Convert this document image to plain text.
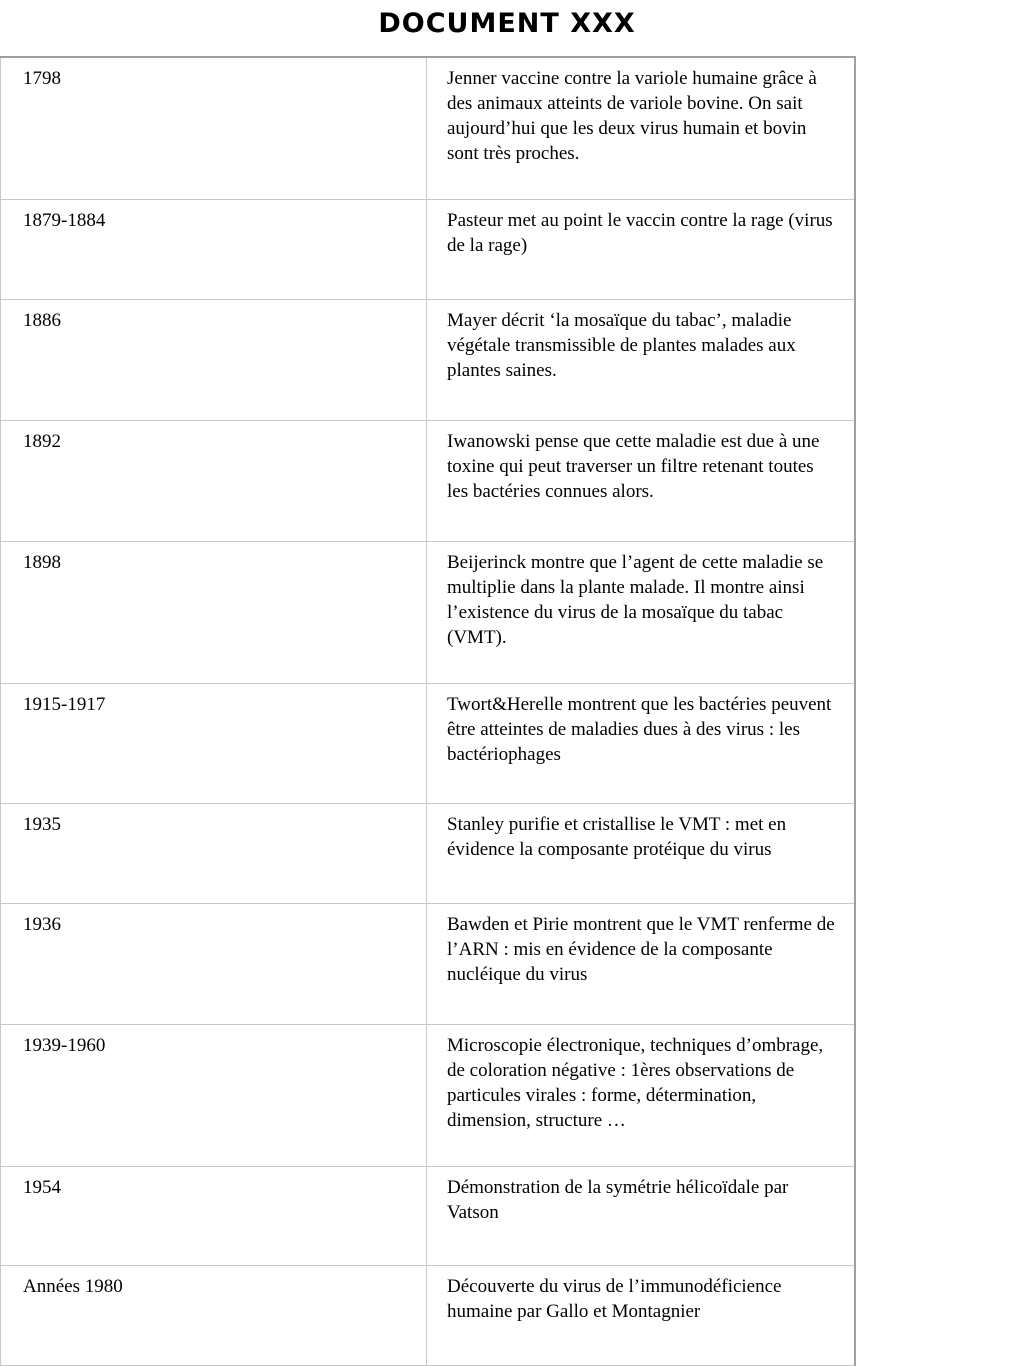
DOCUMENT XXX
1798	Jenner vaccine contre la variole humaine grâce à des animaux atteints de variole bovine. On sait aujourd’hui que les deux virus humain et bovin sont très proches.
1879-1884	Pasteur met au point le vaccin contre la rage (virus de la rage)
1886	Mayer décrit ‘la mosaïque du tabac’, maladie végétale transmissible de plantes malades aux plantes saines.
1892	Iwanowski pense que cette maladie est due à une toxine qui peut traverser un filtre retenant toutes les bactéries connues alors.
1898	Beijerinck montre que l’agent de cette maladie se multiplie dans la plante malade. Il montre ainsi l’existence du virus de la mosaïque du tabac (VMT).
1915-1917	Twort&Herelle montrent que les bactéries peuvent être atteintes de maladies dues à des virus : les bactériophages
1935	Stanley purifie et cristallise le VMT : met en évidence la composante protéique du virus
1936	Bawden et Pirie montrent que le VMT renferme de l’ARN : mis en évidence de la composante nucléique du virus
1939-1960	Microscopie électronique, techniques d’ombrage, de coloration négative : 1ères observations de particules virales : forme, détermination, dimension, structure …
1954	Démonstration de la symétrie hélicoïdale par Vatson
Années 1980	Découverte du virus de l’immunodéficience humaine par Gallo et Montagnier
